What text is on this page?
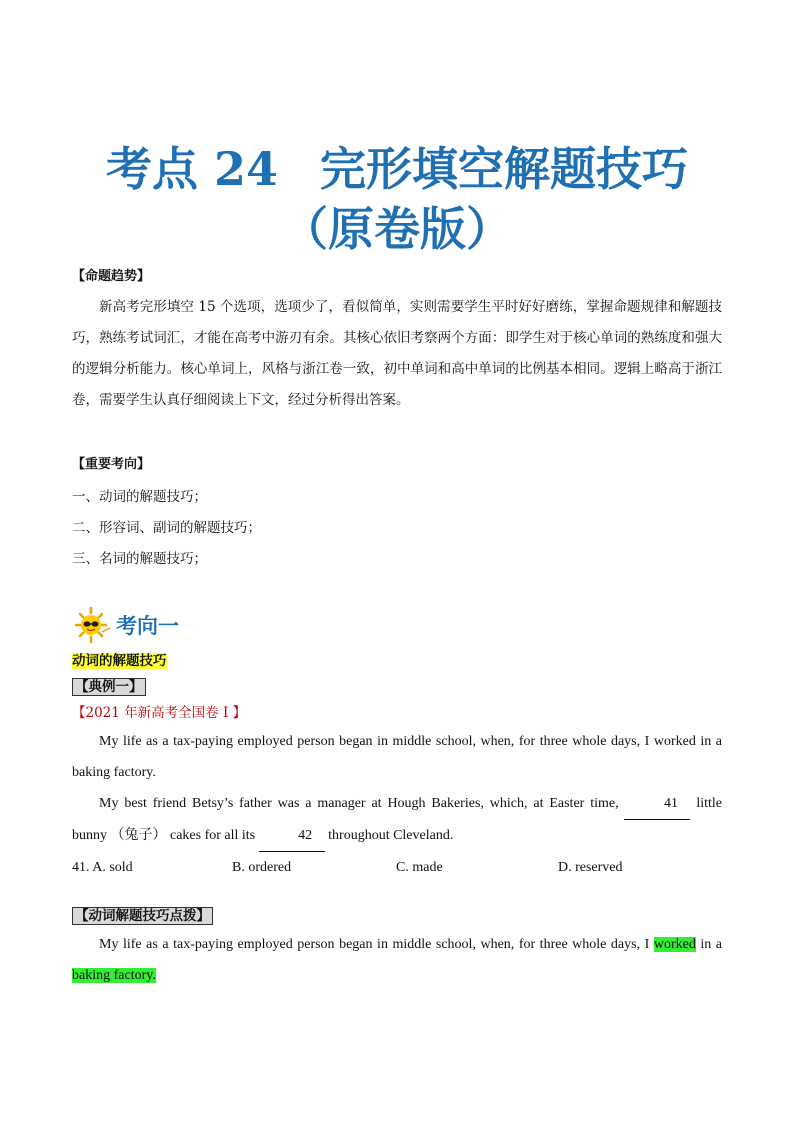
考点 24 完形填空解题技巧
（原卷版）
【命题趋势】

新高考完形填空 15 个选项，选项少了，看似简单，实则需要学生平时好好磨练，掌握命题规律和解题技巧，熟练考试词汇，才能在高考中游刃有余。其核心依旧考察两个方面：即学生对于核心单词的熟练度和强大的逻辑分析能力。核心单词上，风格与浙江卷一致，初中单词和高中单词的比例基本相同。逻辑上略高于浙江卷，需要学生认真仔细阅读上下文，经过分析得出答案。

【重要考向】

一、动词的解题技巧；

二、形容词、副词的解题技巧；

三、名词的解题技巧；

考向一
动词的解题技巧
【典例一】
【2021 年新高考全国卷 I 】

My life as a tax-paying employed person began in middle school, when, for three whole days, I worked in a baking factory.

My best friend Betsy’s father was a manager at Hough Bakeries, which, at Easter time,	41 little bunny （兔子） cakes for all its	42 throughout Cleveland.

41. A. sold	B. ordered	C. made	D. reserved
【动词解题技巧点拨】

My life as a tax-paying employed person began in middle school, when, for three whole days, I worked in a baking factory.
